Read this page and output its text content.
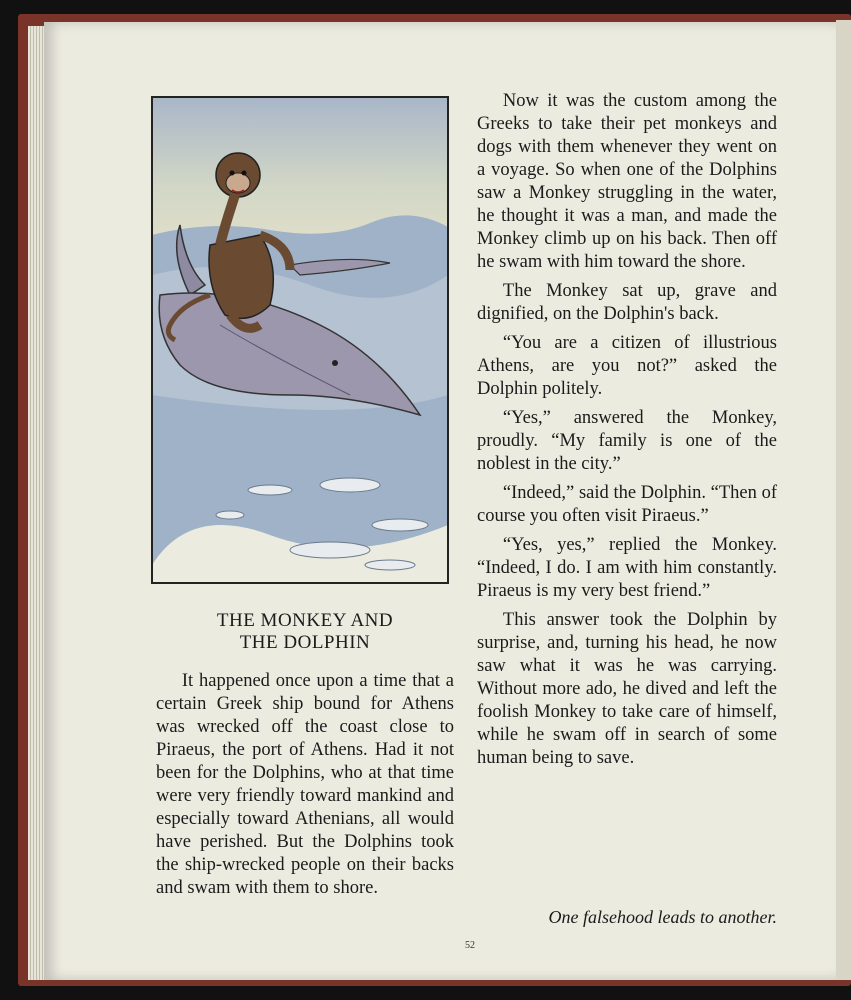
THE MONKEY AND
THE DOLPHIN

It happened once upon a time that a certain Greek ship bound for Athens was wrecked off the coast close to Piraeus, the port of Athens. Had it not been for the Dolphins, who at that time were very friendly toward mankind and especially toward Athenians, all would have perished. But the Dolphins took the ship-wrecked people on their backs and swam with them to shore.

Now it was the custom among the Greeks to take their pet monkeys and dogs with them whenever they went on a voyage. So when one of the Dolphins saw a Monkey struggling in the water, he thought it was a man, and made the Monkey climb up on his back. Then off he swam with him toward the shore.

The Monkey sat up, grave and dignified, on the Dolphin's back.

“You are a citizen of illustrious Athens, are you not?” asked the Dolphin politely.

“Yes,” answered the Monkey, proudly. “My family is one of the noblest in the city.”

“Indeed,” said the Dolphin. “Then of course you often visit Piraeus.”

“Yes, yes,” replied the Monkey. “Indeed, I do. I am with him constantly. Piraeus is my very best friend.”

This answer took the Dolphin by surprise, and, turning his head, he now saw what it was he was carrying. Without more ado, he dived and left the foolish Monkey to take care of himself, while he swam off in search of some human being to save.

One falsehood leads to another.
52
